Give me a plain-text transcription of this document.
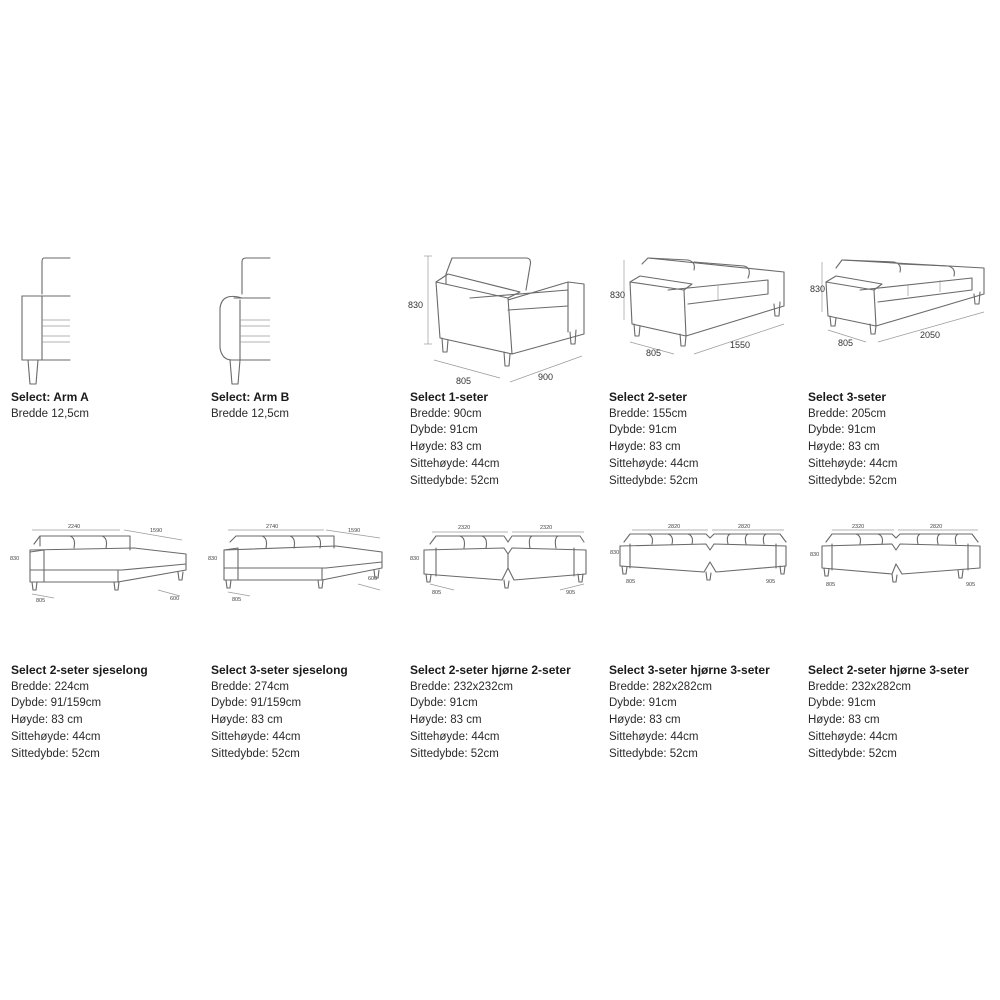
830
805	900
830
805
1550
830
805
2050
2240
1590
830
805	600
2740
1590
830
805
600
2320	2320
830
805	905
2820	2820
830
805	905
2320	2820
830
805	905
Select: Arm A
Bredde 12,5cm
Select: Arm B
Bredde 12,5cm
Select 1-seter
Bredde: 90cm
Dybde: 91cm
Høyde: 83 cm
Sittehøyde: 44cm
Sittedybde: 52cm
Select 2-seter
Bredde: 155cm
Dybde: 91cm
Høyde: 83 cm
Sittehøyde: 44cm
Sittedybde: 52cm
Select 3-seter
Bredde: 205cm
Dybde: 91cm
Høyde: 83 cm
Sittehøyde: 44cm
Sittedybde: 52cm
Select 2-seter sjeselong
Bredde: 224cm
Dybde: 91/159cm
Høyde: 83 cm
Sittehøyde: 44cm
Sittedybde: 52cm
Select 3-seter sjeselong
Bredde: 274cm
Dybde: 91/159cm
Høyde: 83 cm
Sittehøyde: 44cm
Sittedybde: 52cm
Select 2-seter hjørne 2-seter
Bredde: 232x232cm
Dybde: 91cm
Høyde: 83 cm
Sittehøyde: 44cm
Sittedybde: 52cm
Select 3-seter hjørne 3-seter
Bredde: 282x282cm
Dybde: 91cm
Høyde: 83 cm
Sittehøyde: 44cm
Sittedybde: 52cm
Select 2-seter hjørne 3-seter
Bredde: 232x282cm
Dybde: 91cm
Høyde: 83 cm
Sittehøyde: 44cm
Sittedybde: 52cm
